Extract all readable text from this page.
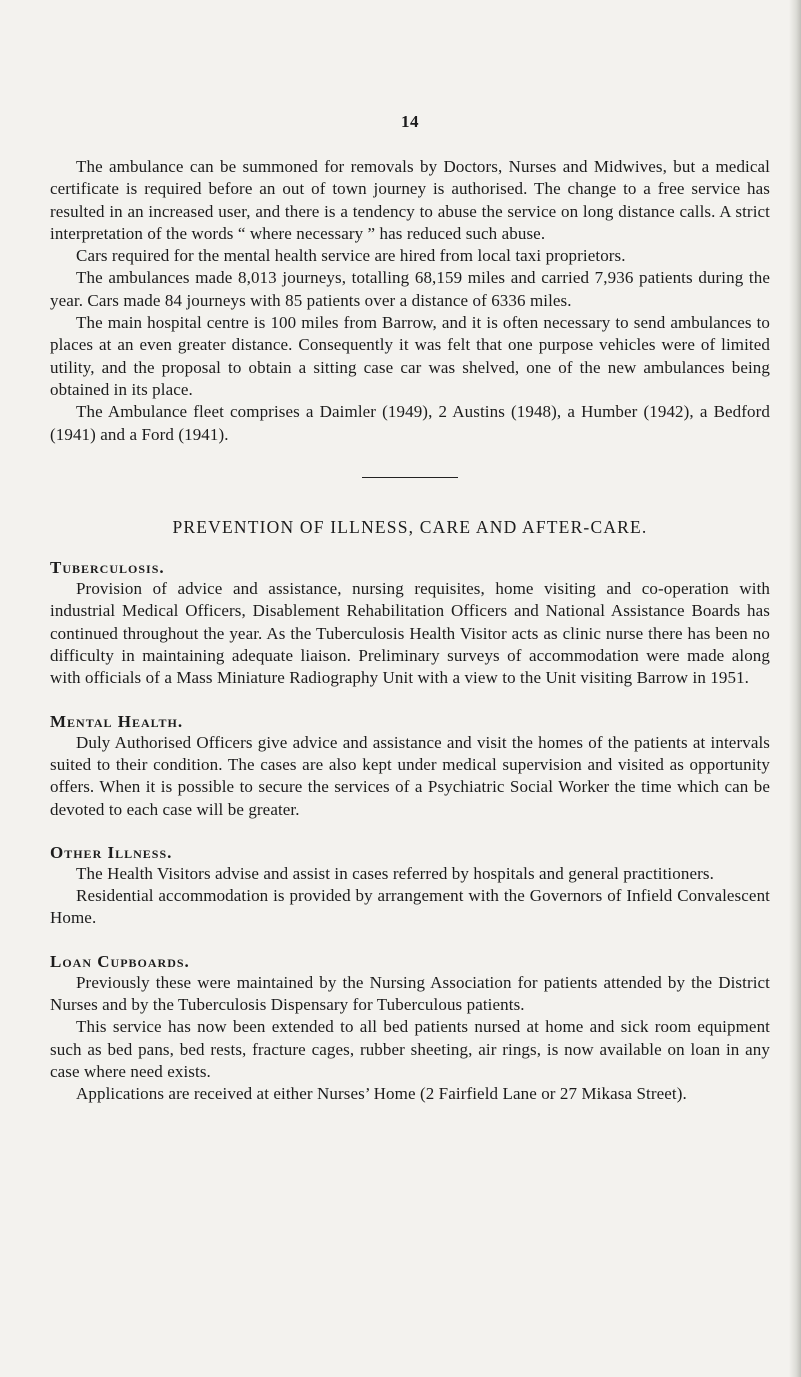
14

The ambulance can be summoned for removals by Doctors, Nurses and Midwives, but a medical certificate is required before an out of town journey is authorised. The change to a free service has resulted in an increased user, and there is a tendency to abuse the service on long distance calls. A strict interpretation of the words “ where necessary ” has reduced such abuse.

Cars required for the mental health service are hired from local taxi proprietors.

The ambulances made 8,013 journeys, totalling 68,159 miles and carried 7,936 patients during the year. Cars made 84 journeys with 85 patients over a distance of 6336 miles.

The main hospital centre is 100 miles from Barrow, and it is often necessary to send ambulances to places at an even greater distance. Consequently it was felt that one purpose vehicles were of limited utility, and the proposal to obtain a sitting case car was shelved, one of the new ambulances being obtained in its place.

The Ambulance fleet comprises a Daimler (1949), 2 Austins (1948), a Humber (1942), a Bedford (1941) and a Ford (1941).

PREVENTION OF ILLNESS, CARE AND AFTER-CARE.

Tuberculosis.

Provision of advice and assistance, nursing requisites, home visiting and co-operation with industrial Medical Officers, Disablement Rehabilitation Officers and National Assistance Boards has continued throughout the year. As the Tuberculosis Health Visitor acts as clinic nurse there has been no difficulty in maintaining adequate liaison. Preliminary surveys of accommodation were made along with officials of a Mass Miniature Radiography Unit with a view to the Unit visiting Barrow in 1951.

Mental Health.

Duly Authorised Officers give advice and assistance and visit the homes of the patients at intervals suited to their condition. The cases are also kept under medical supervision and visited as opportunity offers. When it is possible to secure the services of a Psychiatric Social Worker the time which can be devoted to each case will be greater.

Other Illness.

The Health Visitors advise and assist in cases referred by hospitals and general practitioners.

Residential accommodation is provided by arrangement with the Governors of Infield Convalescent Home.

Loan Cupboards.

Previously these were maintained by the Nursing Association for patients attended by the District Nurses and by the Tuberculosis Dispensary for Tuberculous patients.

This service has now been extended to all bed patients nursed at home and sick room equipment such as bed pans, bed rests, fracture cages, rubber sheeting, air rings, is now available on loan in any case where need exists.

Applications are received at either Nurses’ Home (2 Fairfield Lane or 27 Mikasa Street).
